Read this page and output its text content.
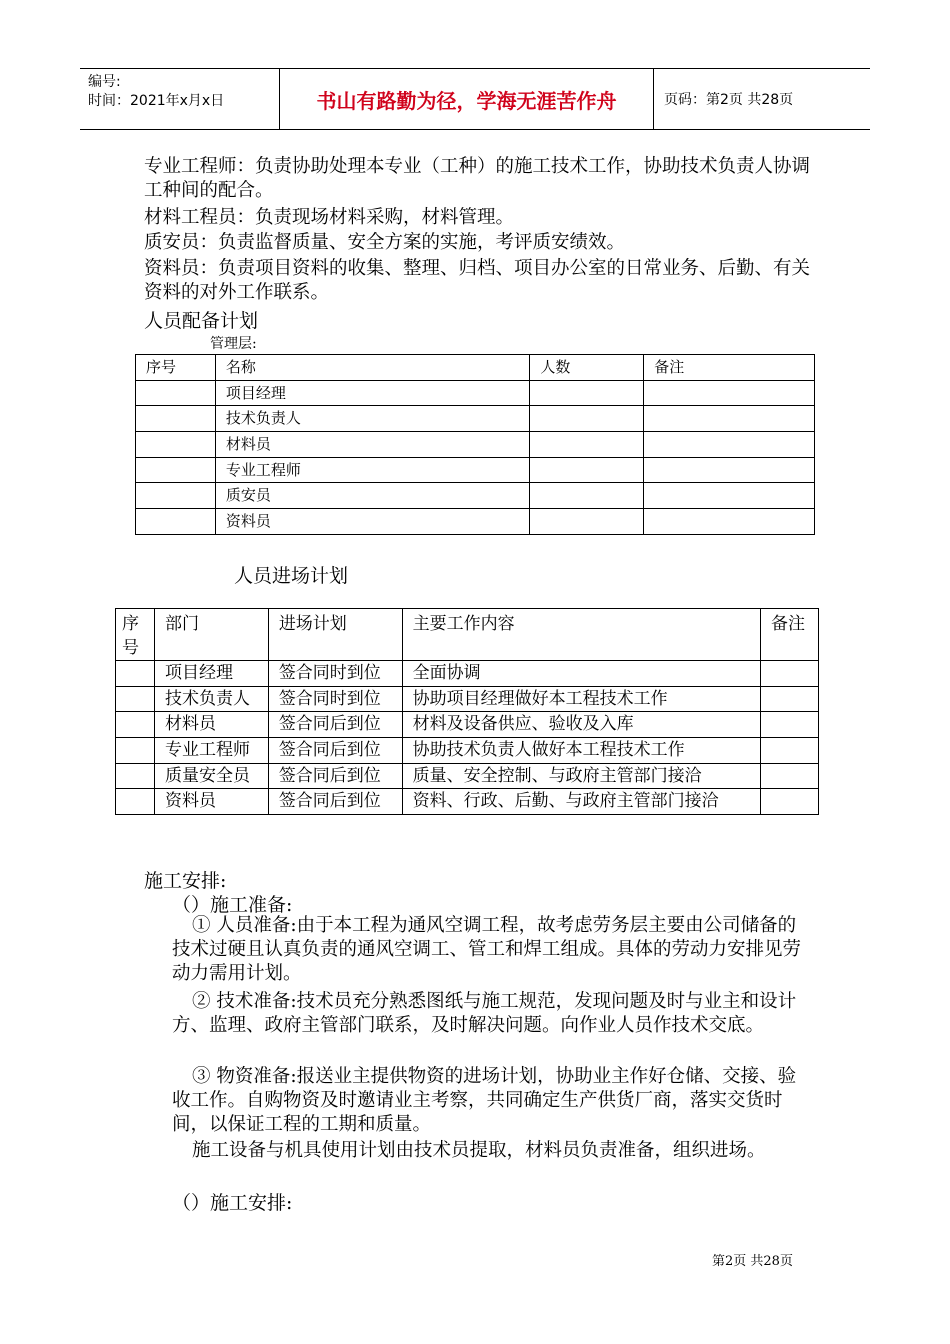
编号:
时间：2021年x月x日	书山有路勤为径，学海无涯苦作舟	页码：第2页 共28页

专业工程师：负责协助处理本专业（工种）的施工技术工作，协助技术负责人协调工种间的配合。

材料工程员：负责现场材料采购，材料管理。

质安员：负责监督质量、安全方案的实施，考评质安绩效。

资料员：负责项目资料的收集、整理、归档、项目办公室的日常业务、后勤、有关资料的对外工作联系。

人员配备计划
管理层:
序号	名称	人数	备注
	项目经理		
	技术负责人		
	材料员		
	专业工程师		
	质安员		
	资料员		
人员进场计划
序号	部门	进场计划	主要工作内容	备注
	项目经理	签合同时到位	全面协调	
	技术负责人	签合同时到位	协助项目经理做好本工程技术工作	
	材料员	签合同后到位	材料及设备供应、验收及入库	
	专业工程师	签合同后到位	协助技术负责人做好本工程技术工作	
	质量安全员	签合同后到位	质量、安全控制、与政府主管部门接洽	
	资料员	签合同后到位	资料、行政、后勤、与政府主管部门接洽	
施工安排:
（）施工准备:

① 人员准备:由于本工程为通风空调工程，故考虑劳务层主要由公司储备的技术过硬且认真负责的通风空调工、管工和焊工组成。具体的劳动力安排见劳动力需用计划。

② 技术准备:技术员充分熟悉图纸与施工规范，发现问题及时与业主和设计方、监理、政府主管部门联系，及时解决问题。向作业人员作技术交底。

③ 物资准备:报送业主提供物资的进场计划，协助业主作好仓储、交接、验收工作。自购物资及时邀请业主考察，共同确定生产供货厂商，落实交货时间，以保证工程的工期和质量。

施工设备与机具使用计划由技术员提取，材料员负责准备，组织进场。

（）施工安排:
第2页 共28页
